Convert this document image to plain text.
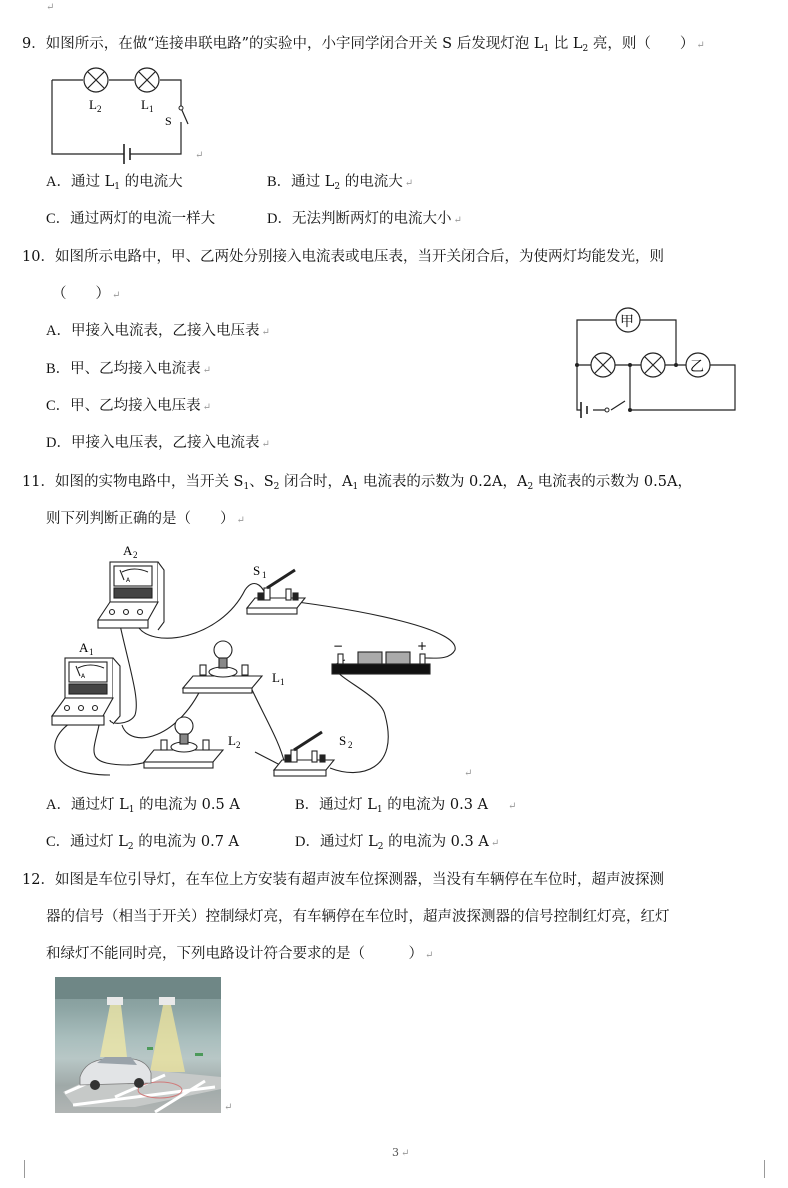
↵
9．如图所示，在做“连接串联电路”的实验中，小宇同学闭合开关 S 后发现灯泡 $L_1$ 比 $L_2$ 亮，则（　　） ↵
L 2	L 1
S
↵
A．通过 $L_1$ 的电流大	B．通过 $L_2$ 的电流大 ↵
C．通过两灯的电流一样大	D．无法判断两灯的电流大小 ↵
10．如图所示电路中，甲、乙两处分别接入电流表或电压表，当开关闭合后，为使两灯均能发光，则
（　　） ↵
A．甲接入电流表，乙接入电压表 ↵
B．甲、乙均接入电流表 ↵
C．甲、乙均接入电压表 ↵
D．甲接入电压表，乙接入电流表 ↵
甲
乙
11．如图的实物电路中，当开关 $S_1$、$S_2$ 闭合时，$A_1$ 电流表的示数为 0.2A，$A_2$ 电流表的示数为 0.5A，
则下列判断正确的是（　　） ↵
A 2
A
A 1
A
S 1
L 1
L 2	S 2
−	+
↵
A．通过灯 $L_1$ 的电流为 0.5 A	B．通过灯 $L_1$ 的电流为 0.3 A ↵
C．通过灯 $L_2$ 的电流为 0.7 A	D．通过灯 $L_2$ 的电流为 0.3 A ↵
12．如图是车位引导灯，在车位上方安装有超声波车位探测器，当没有车辆停在车位时，超声波探测
器的信号（相当于开关）控制绿灯亮，有车辆停在车位时，超声波探测器的信号控制红灯亮，红灯
和绿灯不能同时亮，下列电路设计符合要求的是（　　　） ↵
↵
3 ↵
